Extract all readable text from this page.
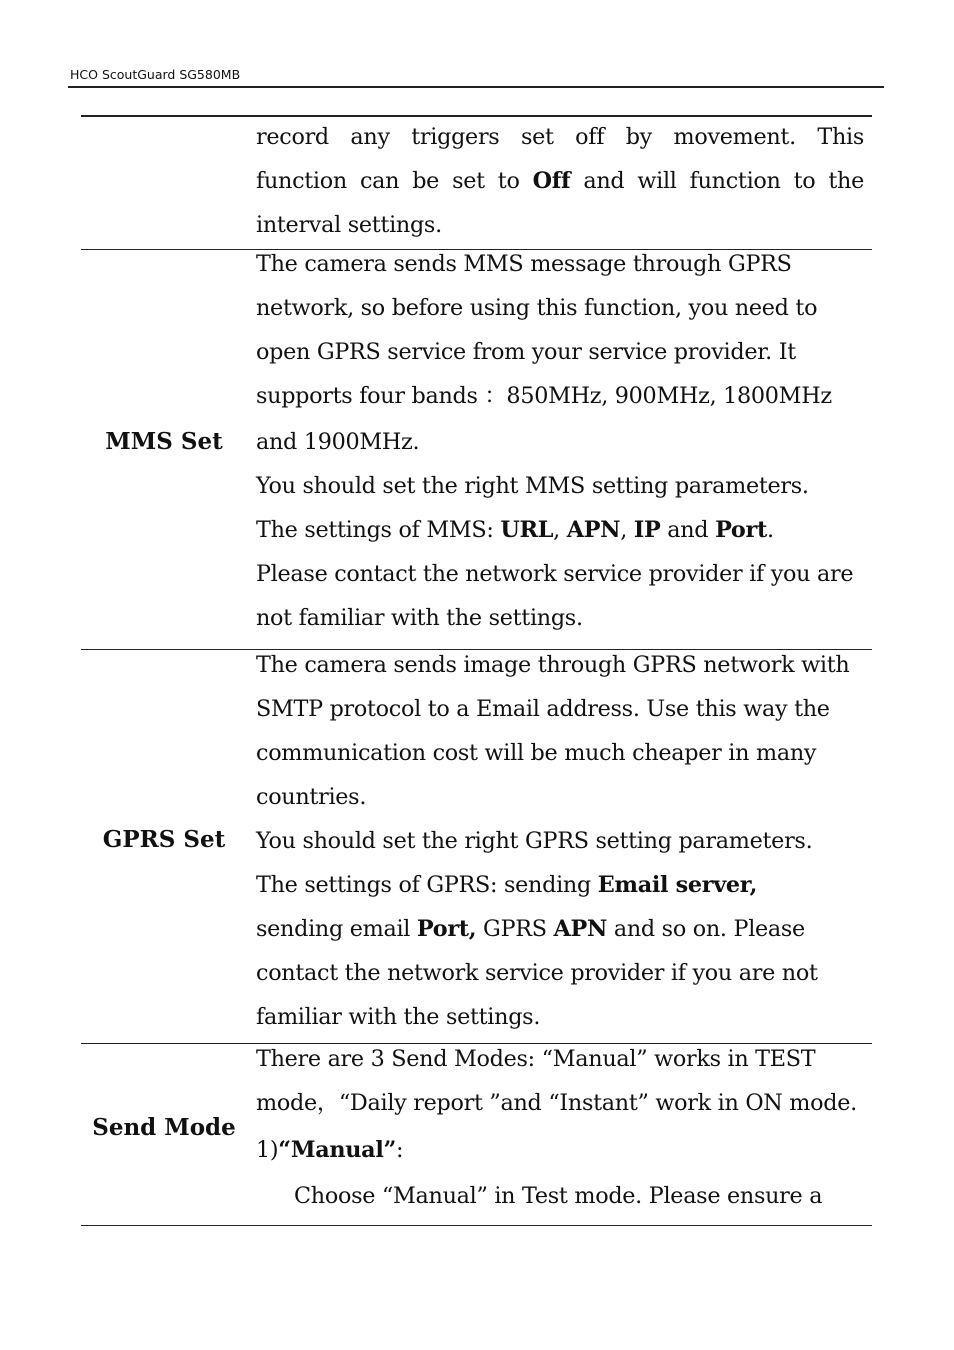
HCO ScoutGuard SG580MB
record any triggers set off by movement. This
function can be set to Off and will function to the
interval settings.
MMS Set
The camera sends MMS message through GPRS
network, so before using this function, you need to
open GPRS service from your service provider. It
supports four bands ：850MHz, 900MHz, 1800MHz
and 1900MHz.
You should set the right MMS setting parameters.
The settings of MMS: URL, APN, IP and Port.
Please contact the network service provider if you are
not familiar with the settings.
GPRS Set
The camera sends image through GPRS network with
SMTP protocol to a Email address. Use this way the
communication cost will be much cheaper in many
countries.
You should set the right GPRS setting parameters.
The settings of GPRS: sending Email server,
sending email Port, GPRS APN and so on. Please
contact the network service provider if you are not
familiar with the settings.
Send Mode
There are 3 Send Modes: “Manual” works in TEST
mode，“Daily report ”and “Instant” work in ON mode.
1)“Manual”:
Choose “Manual” in Test mode. Please ensure a
